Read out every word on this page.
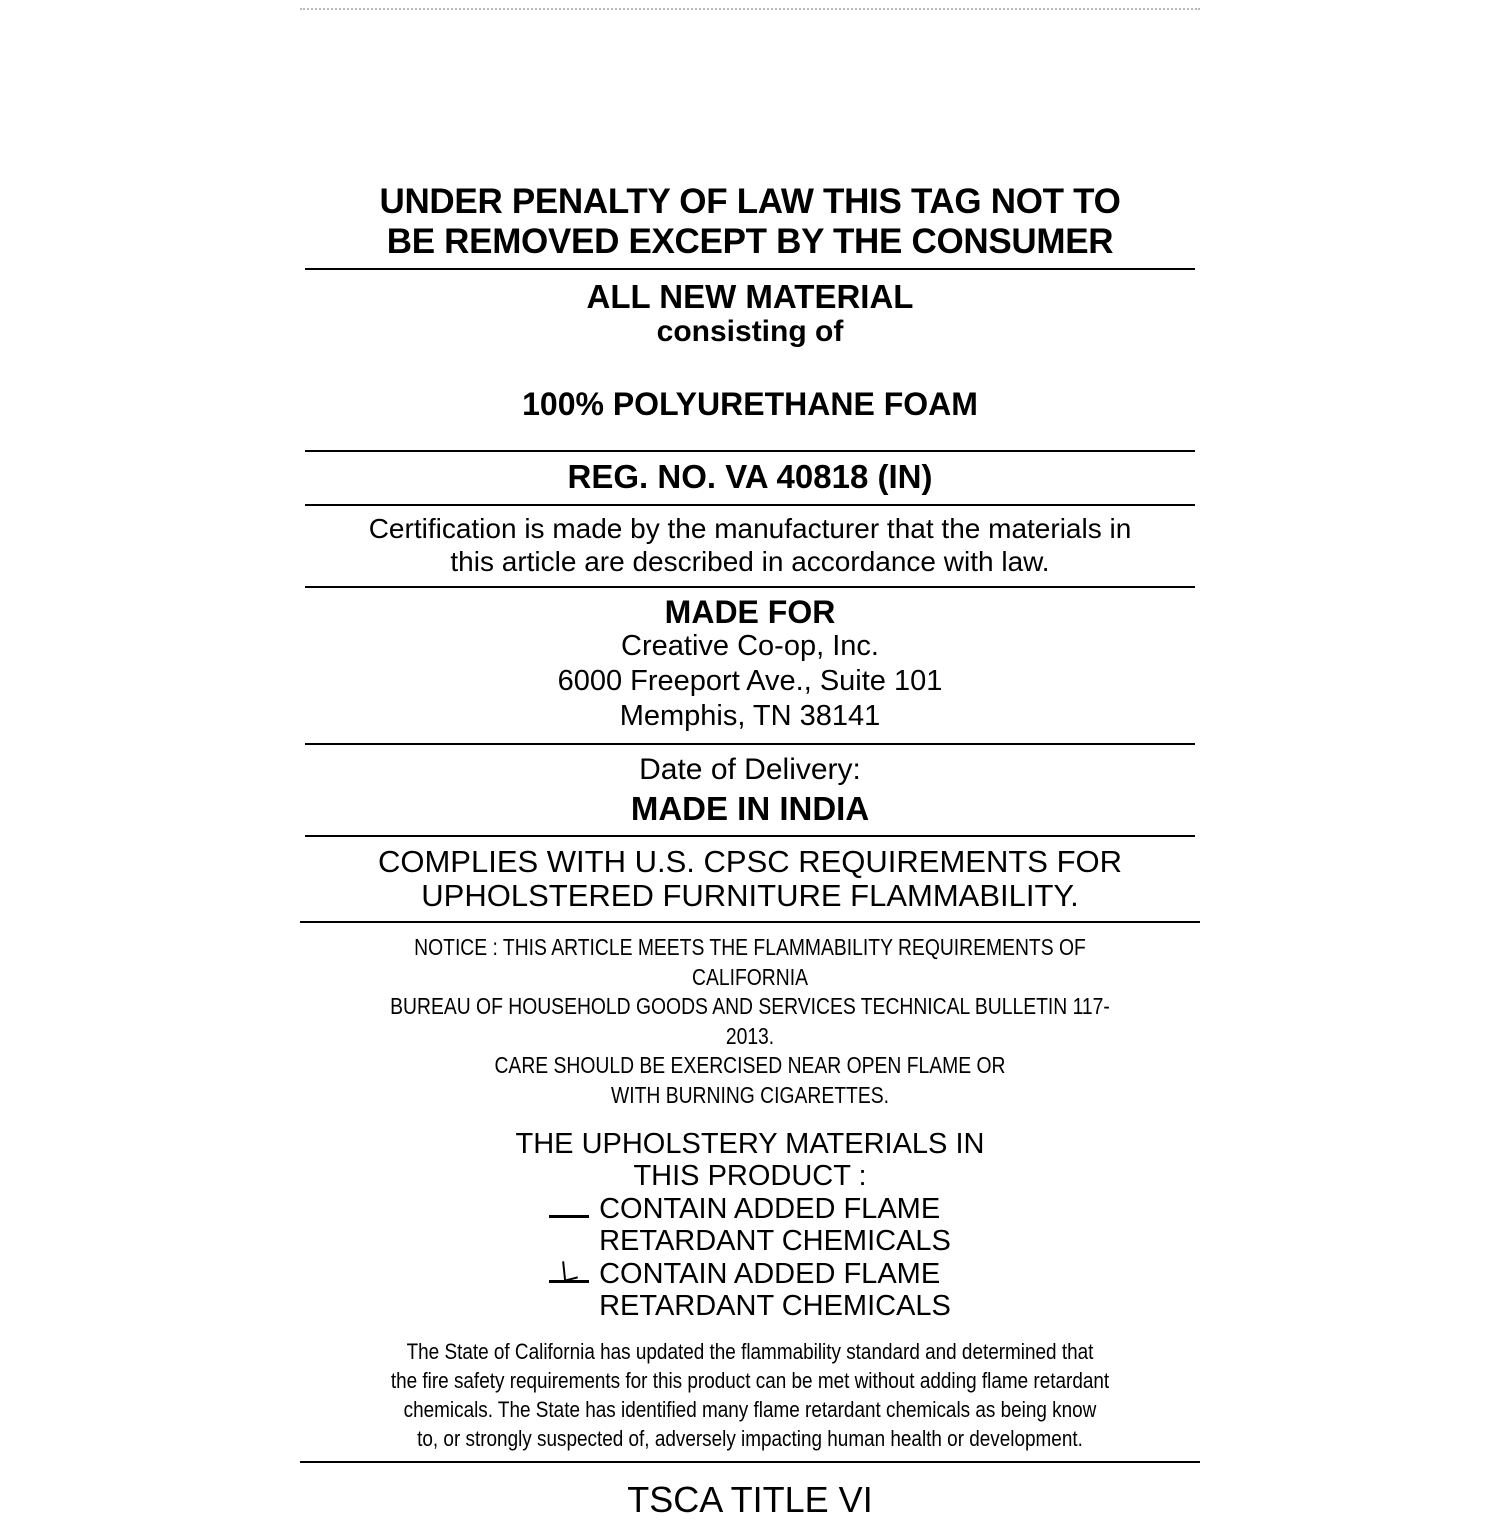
UNDER PENALTY OF LAW THIS TAG NOT TO
BE REMOVED EXCEPT BY THE CONSUMER
ALL NEW MATERIAL
consisting of
100% POLYURETHANE FOAM
REG. NO. VA 40818 (IN)
Certification is made by the manufacturer that the materials in
this article are described in accordance with law.
MADE FOR
Creative Co-op, Inc.
6000 Freeport Ave., Suite 101
Memphis, TN 38141
Date of Delivery:
MADE IN INDIA
COMPLIES WITH U.S. CPSC REQUIREMENTS FOR
UPHOLSTERED FURNITURE FLAMMABILITY.
NOTICE : THIS ARTICLE MEETS THE FLAMMABILITY REQUIREMENTS OF CALIFORNIA
BUREAU OF HOUSEHOLD GOODS AND SERVICES TECHNICAL BULLETIN 117-2013.
CARE SHOULD BE EXERCISED NEAR OPEN FLAME OR
WITH BURNING CIGARETTES.
THE UPHOLSTERY MATERIALS IN
THIS PRODUCT :
CONTAIN ADDED FLAME
RETARDANT CHEMICALS
CONTAIN ADDED FLAME
RETARDANT CHEMICALS
The State of California has updated the flammability standard and determined that
the fire safety requirements for this product can be met without adding flame retardant
chemicals. The State has identified many flame retardant chemicals as being know
to, or strongly suspected of, adversely impacting human health or development.
TSCA TITLE VI
